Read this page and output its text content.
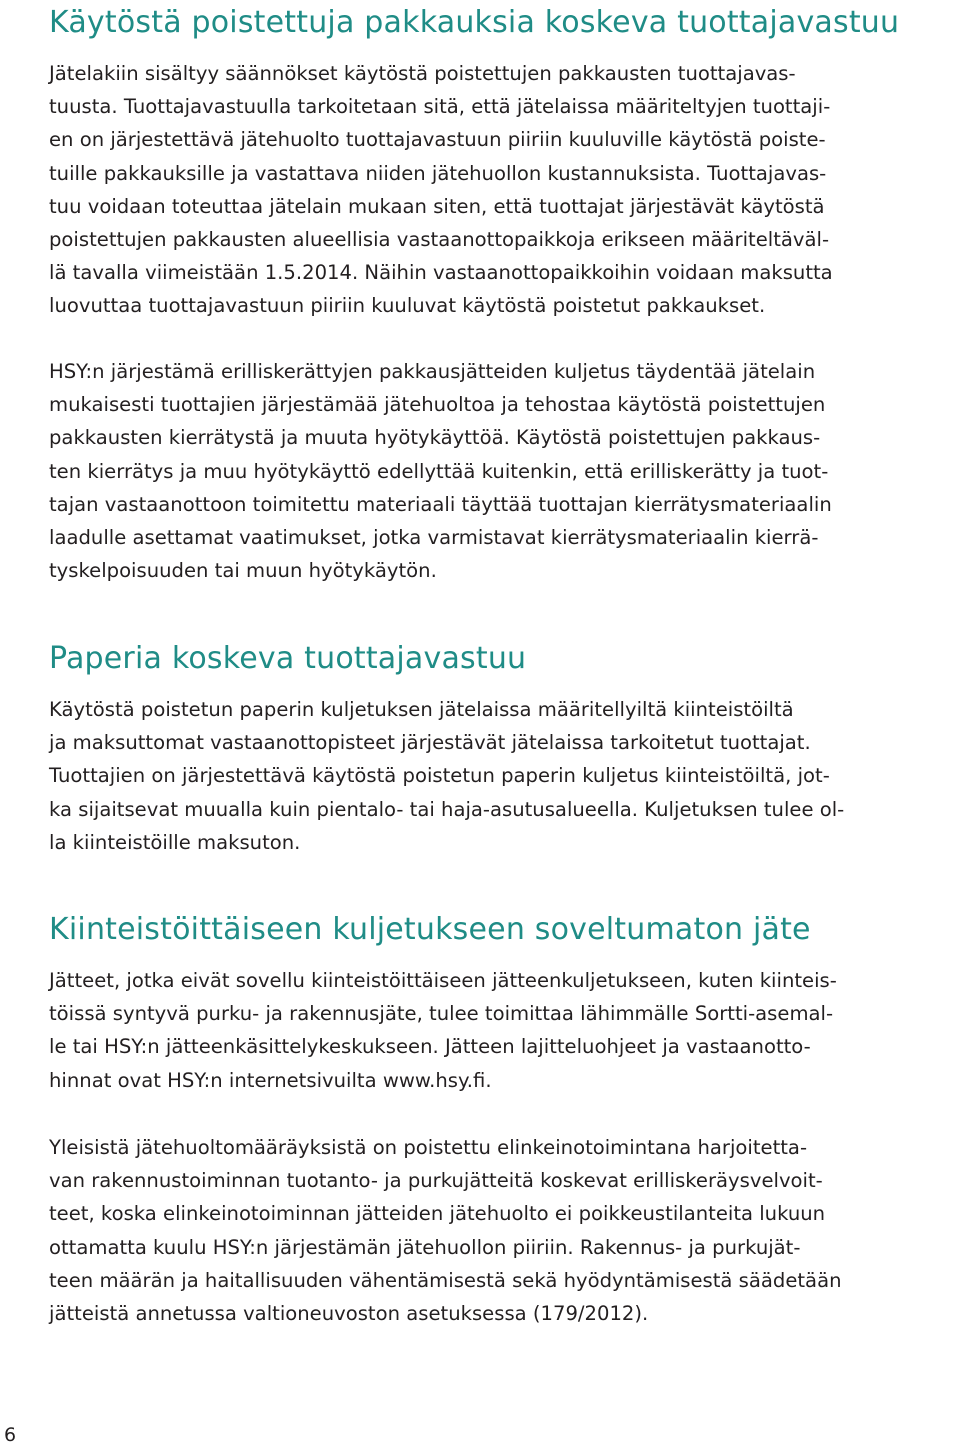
Käytöstä poistettuja pakkauksia koskeva tuottajavastuu
Jätelakiin sisältyy säännökset käytöstä poistettujen pakkausten tuottajavas-
tuusta. Tuottajavastuulla tarkoitetaan sitä, että jätelaissa määriteltyjen tuottaji-
en on järjestettävä jätehuolto tuottajavastuun piiriin kuuluville käytöstä poiste-
tuille pakkauksille ja vastattava niiden jätehuollon kustannuksista. Tuottajavas-
tuu voidaan toteuttaa jätelain mukaan siten, että tuottajat järjestävät käytöstä
poistettujen pakkausten alueellisia vastaanottopaikkoja erikseen määriteltäväl-
lä tavalla viimeistään 1.5.2014. Näihin vastaanottopaikkoihin voidaan maksutta
luovuttaa tuottajavastuun piiriin kuuluvat käytöstä poistetut pakkaukset.
HSY:n järjestämä erilliskerättyjen pakkausjätteiden kuljetus täydentää jätelain
mukaisesti tuottajien järjestämää jätehuoltoa ja tehostaa käytöstä poistettujen
pakkausten kierrätystä ja muuta hyötykäyttöä. Käytöstä poistettujen pakkaus-
ten kierrätys ja muu hyötykäyttö edellyttää kuitenkin, että erilliskerätty ja tuot-
tajan vastaanottoon toimitettu materiaali täyttää tuottajan kierrätysmateriaalin
laadulle asettamat vaatimukset, jotka varmistavat kierrätysmateriaalin kierrä-
tyskelpoisuuden tai muun hyötykäytön.
Paperia koskeva tuottajavastuu
Käytöstä poistetun paperin kuljetuksen jätelaissa määritellyiltä kiinteistöiltä
ja maksuttomat vastaanottopisteet järjestävät jätelaissa tarkoitetut tuottajat.
Tuottajien on järjestettävä käytöstä poistetun paperin kuljetus kiinteistöiltä, jot-
ka sijaitsevat muualla kuin pientalo- tai haja-asutusalueella. Kuljetuksen tulee ol-
la kiinteistöille maksuton.
Kiinteistöittäiseen kuljetukseen soveltumaton jäte
Jätteet, jotka eivät sovellu kiinteistöittäiseen jätteenkuljetukseen, kuten kiinteis-
töissä syntyvä purku- ja rakennusjäte, tulee toimittaa lähimmälle Sortti-asemal-
le tai HSY:n jätteenkäsittelykeskukseen. Jätteen lajitteluohjeet ja vastaanotto-
hinnat ovat HSY:n internetsivuilta www.hsy.fi.
Yleisistä jätehuoltomääräyksistä on poistettu elinkeinotoimintana harjoitetta-
van rakennustoiminnan tuotanto- ja purkujätteitä koskevat erilliskeräysvelvoit-
teet, koska elinkeinotoiminnan jätteiden jätehuolto ei poikkeustilanteita lukuun
ottamatta kuulu HSY:n järjestämän jätehuollon piiriin. Rakennus- ja purkujät-
teen määrän ja haitallisuuden vähentämisestä sekä hyödyntämisestä säädetään
jätteistä annetussa valtioneuvoston asetuksessa (179/2012).
6
